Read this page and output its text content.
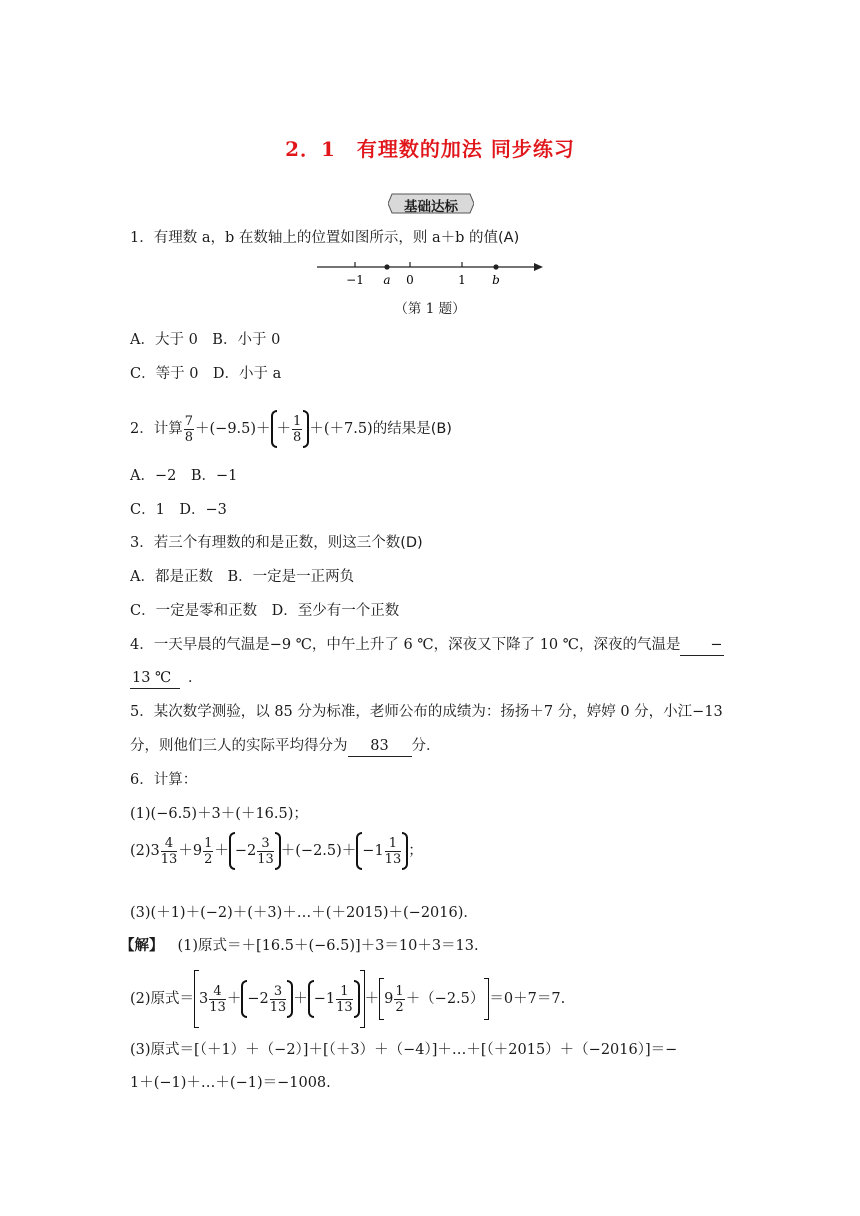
2．1　有理数的加法 同步练习
基础达标
1．有理数 a，b 在数轴上的位置如图所示，则 a＋b 的值(A)
−1 a 0	1 b
（第 1 题）
A．大于 0　B．小于 0
C．等于 0　D．小于 a
2．计算 $\frac{7}{8} +(-9.5)+ + \frac{1}{8} +(+7.5)$的结果是 (B)
A．−2　B．−1
C．1　D．−3
3．若三个有理数的和是正数，则这三个数(D)
A．都是正数　B．一定是一正两负
C．一定是零和正数　D．至少有一个正数
4．一天早晨的气温是−9 ℃，中午上升了 6 ℃，深夜又下降了 10 ℃，深夜的气温是 −
13 ℃ ．
5．某次数学测验，以 85 分为标准，老师公布的成绩为：扬扬＋7 分，婷婷 0 分，小江−13
分，则他们三人的实际平均得分为 83 分．
6．计算：
(1)(−6.5)＋3＋(＋16.5)；
(2) $3 \frac{4}{13} + 9 \frac{1}{2} + -2 \frac{3}{13} +(-2.5)+ -1 \frac{1}{13}$ ；
(3)(＋1)＋(−2)＋(＋3)＋…＋(＋2015)＋(−2016)．
【解】 (1)原式＝＋[16.5＋(−6.5)]＋3＝10＋3＝13.
(2)原式＝ $3 \frac{4}{13} + -2 \frac{3}{13} + -1 \frac{1}{13} + 9 \frac{1}{2} +(-2.5) =0+7=7$.
(3)原式＝[（＋1）＋（−2）]＋[（＋3）＋（−4）]＋…＋[（＋2015）＋（−2016）]＝−
1＋(−1)＋…＋(−1)＝−1008.
